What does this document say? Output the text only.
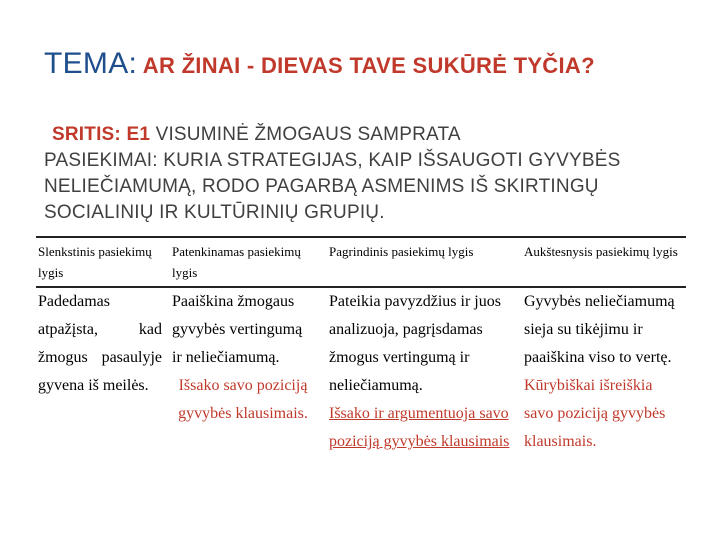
TEMA: AR ŽINAI - DIEVAS TAVE SUKŪRĖ TYČIA?
SRITIS: E1 VISUMINĖ ŽMOGAUS SAMPRATA
PASIEKIMAI: KURIA STRATEGIJAS, KAIP IŠSAUGOTI GYVYBĖS NELIEČIAMUMĄ, RODO PAGARBĄ ASMENIMS IŠ SKIRTINGŲ SOCIALINIŲ IR KULTŪRINIŲ GRUPIŲ.
Slenkstinis pasiekimų lygis
Patenkinamas pasiekimų lygis
Pagrindinis pasiekimų lygis	Aukštesnysis pasiekimų lygis
Padedamas atpažįsta, kad žmogus pasaulyje gyvena iš meilės.
Paaiškina žmogaus gyvybės vertingumą ir neliečiamumą.
Išsako savo poziciją gyvybės klausimais.
Pateikia pavyzdžius ir juos analizuoja, pagrįsdamas žmogus vertingumą ir neliečiamumą.
Išsako ir argumentuoja savo poziciją gyvybės klausimais
Gyvybės neliečiamumą sieja su tikėjimu ir paaiškina viso to vertę.
Kūrybiškai išreiškia savo poziciją gyvybės klausimais.
